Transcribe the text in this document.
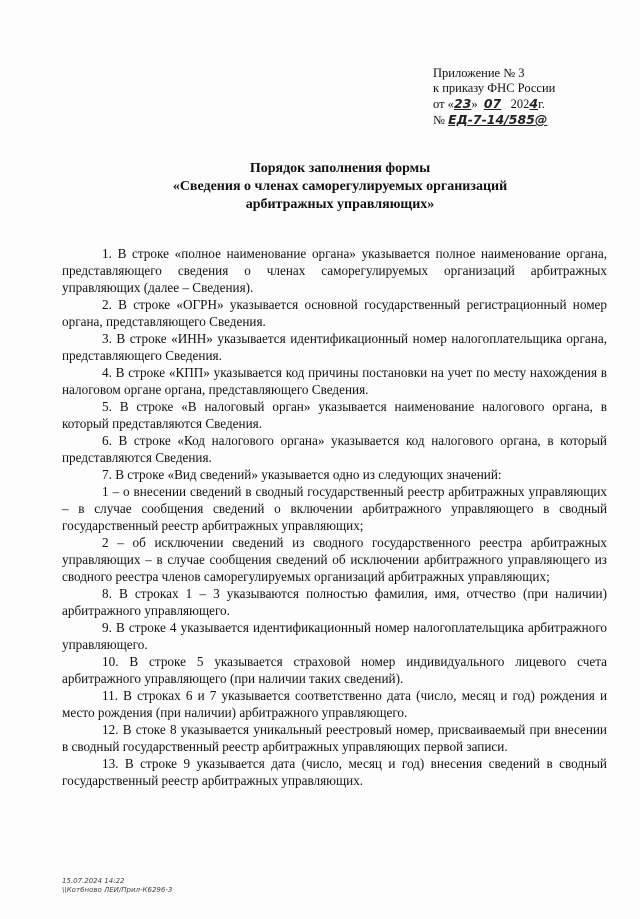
Приложение № 3
к приказу ФНС России
от «23» 07 2024г.
№ ЕД-7-14/585@
Порядок заполнения формы
«Сведения о членах саморегулируемых организаций
арбитражных управляющих»

1. В строке «полное наименование органа» указывается полное наименование органа, представляющего сведения о членах саморегулируемых организаций арбитражных управляющих (далее – Сведения).

2. В строке «ОГРН» указывается основной государственный регистрационный номер органа, представляющего Сведения.

3. В строке «ИНН» указывается идентификационный номер налогоплательщика органа, представляющего Сведения.

4. В строке «КПП» указывается код причины постановки на учет по месту нахождения в налоговом органе органа, представляющего Сведения.

5. В строке «В налоговый орган» указывается наименование налогового органа, в который представляются Сведения.

6. В строке «Код налогового органа» указывается код налогового органа, в который представляются Сведения.

7. В строке «Вид сведений» указывается одно из следующих значений:

1 – о внесении сведений в сводный государственный реестр арбитражных управляющих – в случае сообщения сведений о включении арбитражного управляющего в сводный государственный реестр арбитражных управляющих;

2 – об исключении сведений из сводного государственного реестра арбитражных управляющих – в случае сообщения сведений об исключении арбитражного управляющего из сводного реестра членов саморегулируемых организаций арбитражных управляющих;

8. В строках 1 – 3 указываются полностью фамилия, имя, отчество (при наличии) арбитражного управляющего.

9. В строке 4 указывается идентификационный номер налогоплательщика арбитражного управляющего.

10. В строке 5 указывается страховой номер индивидуального лицевого счета арбитражного управляющего (при наличии таких сведений).

11. В строках 6 и 7 указывается соответственно дата (число, месяц и год) рождения и место рождения (при наличии) арбитражного управляющего.

12. В стоке 8 указывается уникальный реестровый номер, присваиваемый при внесении в сводный государственный реестр арбитражных управляющих первой записи.

13. В строке 9 указывается дата (число, месяц и год) внесения сведений в сводный государственный реестр арбитражных управляющих.

15.07.2024 14:22
\\Кот6ново ЛЕИ/Прил-К6296-3
